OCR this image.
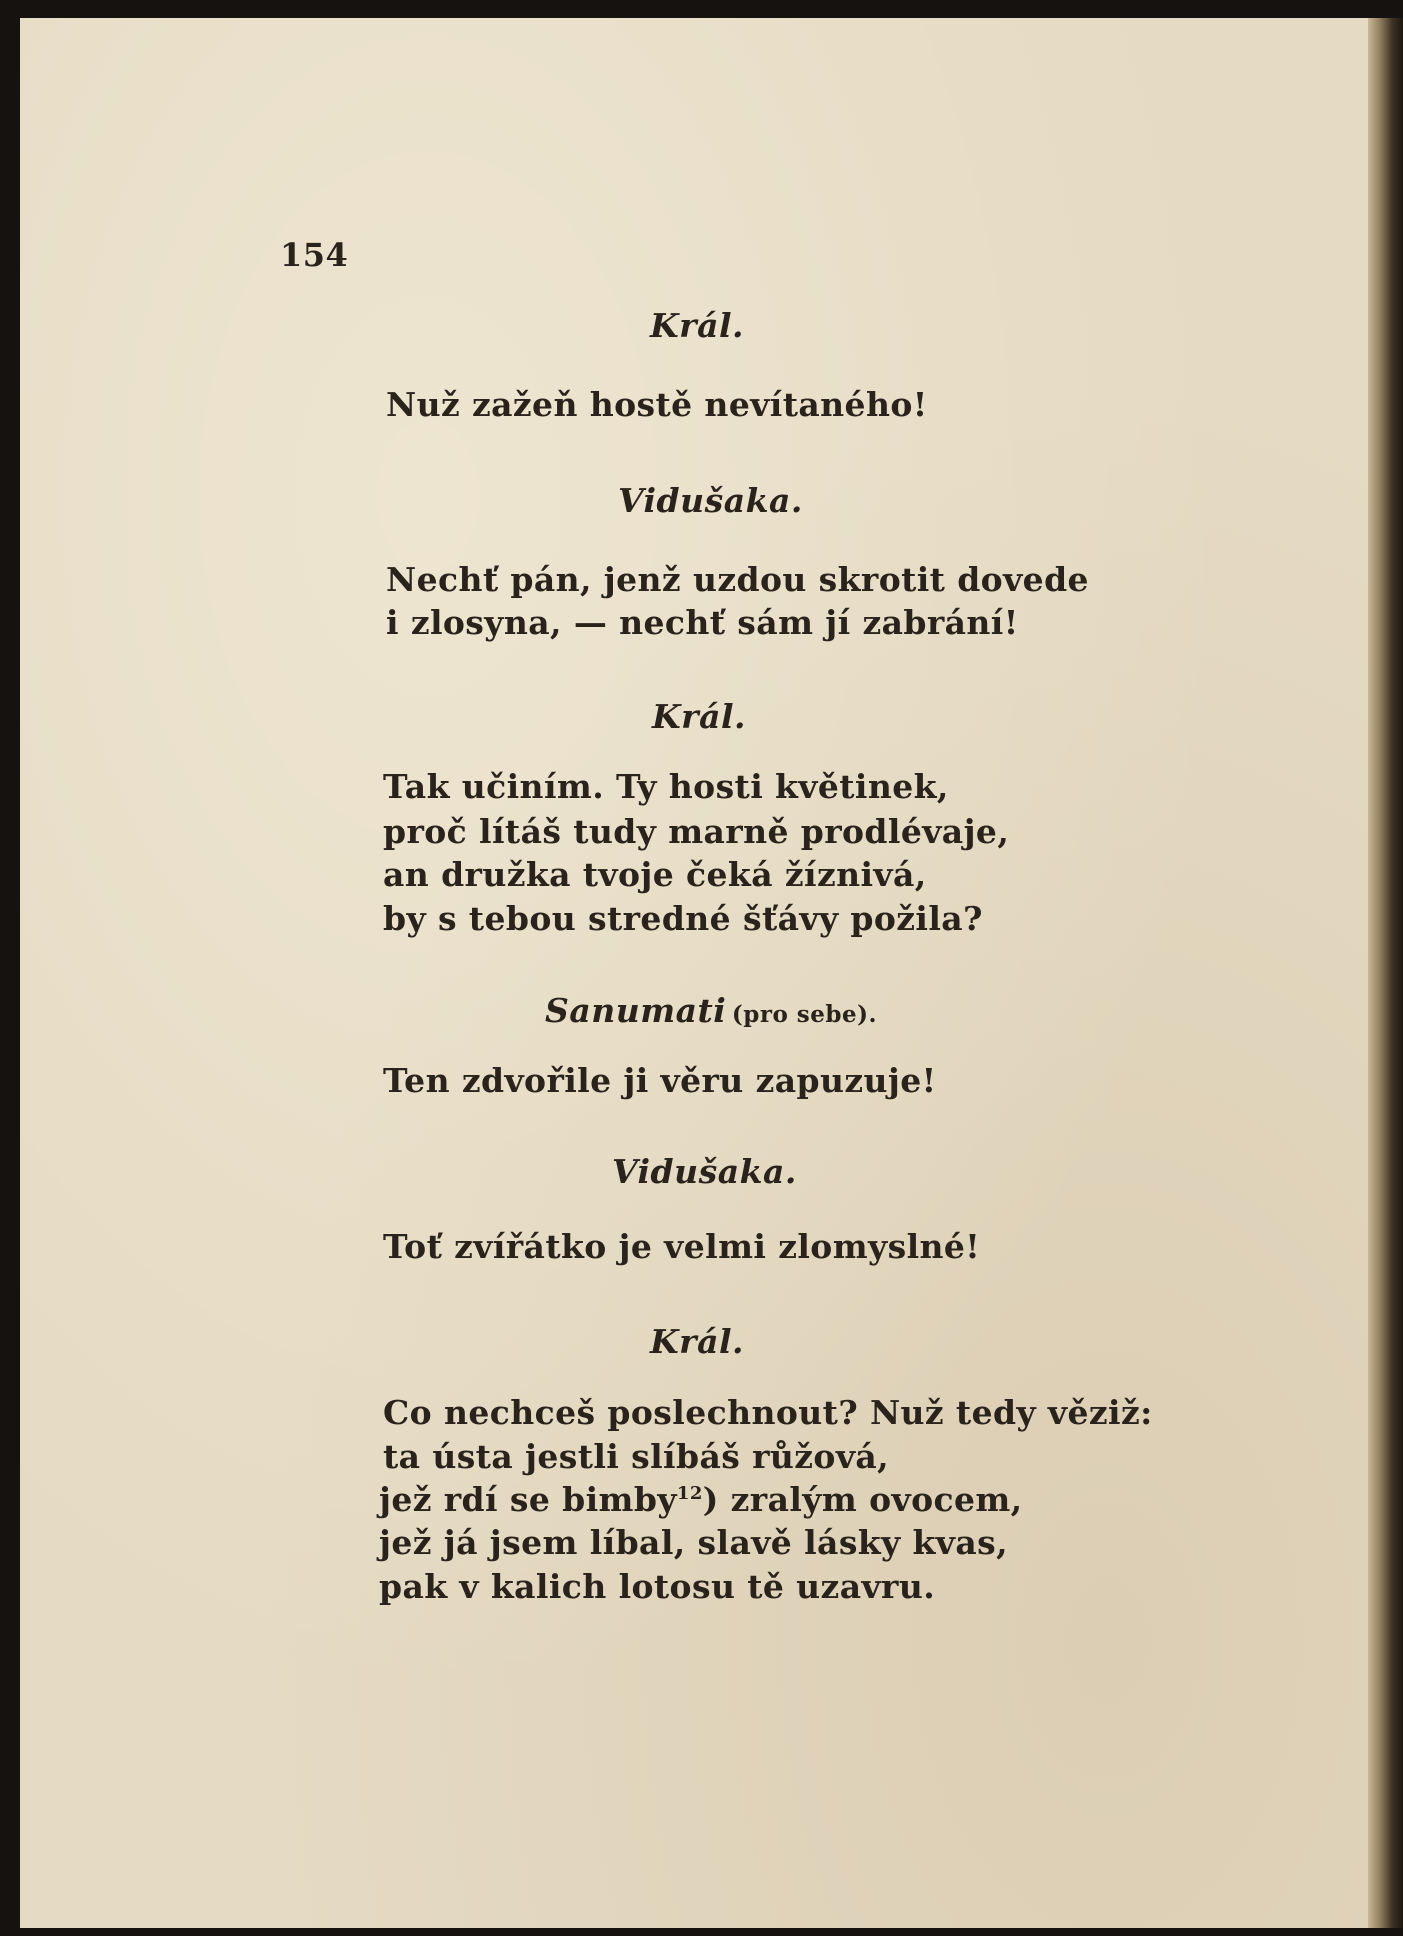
154
Král.
Nuž zažeň hostě nevítaného!
Vidušaka.
Nechť pán, jenž uzdou skrotit dovede
i zlosyna, — nechť sám jí zabrání!
Král.
Tak učiním. Ty hosti květinek,
proč lítáš tudy marně prodlévaje,
an družka tvoje čeká žíznivá,
by s tebou stredné šťávy požila?
Sanumati (pro sebe).
Ten zdvořile ji věru zapuzuje!
Vidušaka.
Toť zvířátko je velmi zlomyslné!
Král.
Co nechceš poslechnout? Nuž tedy věziž:
ta ústa jestli slíbáš růžová,
jež rdí se bimby$^{12}$) zralým ovocem,
jež já jsem líbal, slavě lásky kvas,
pak v kalich lotosu tě uzavru.
